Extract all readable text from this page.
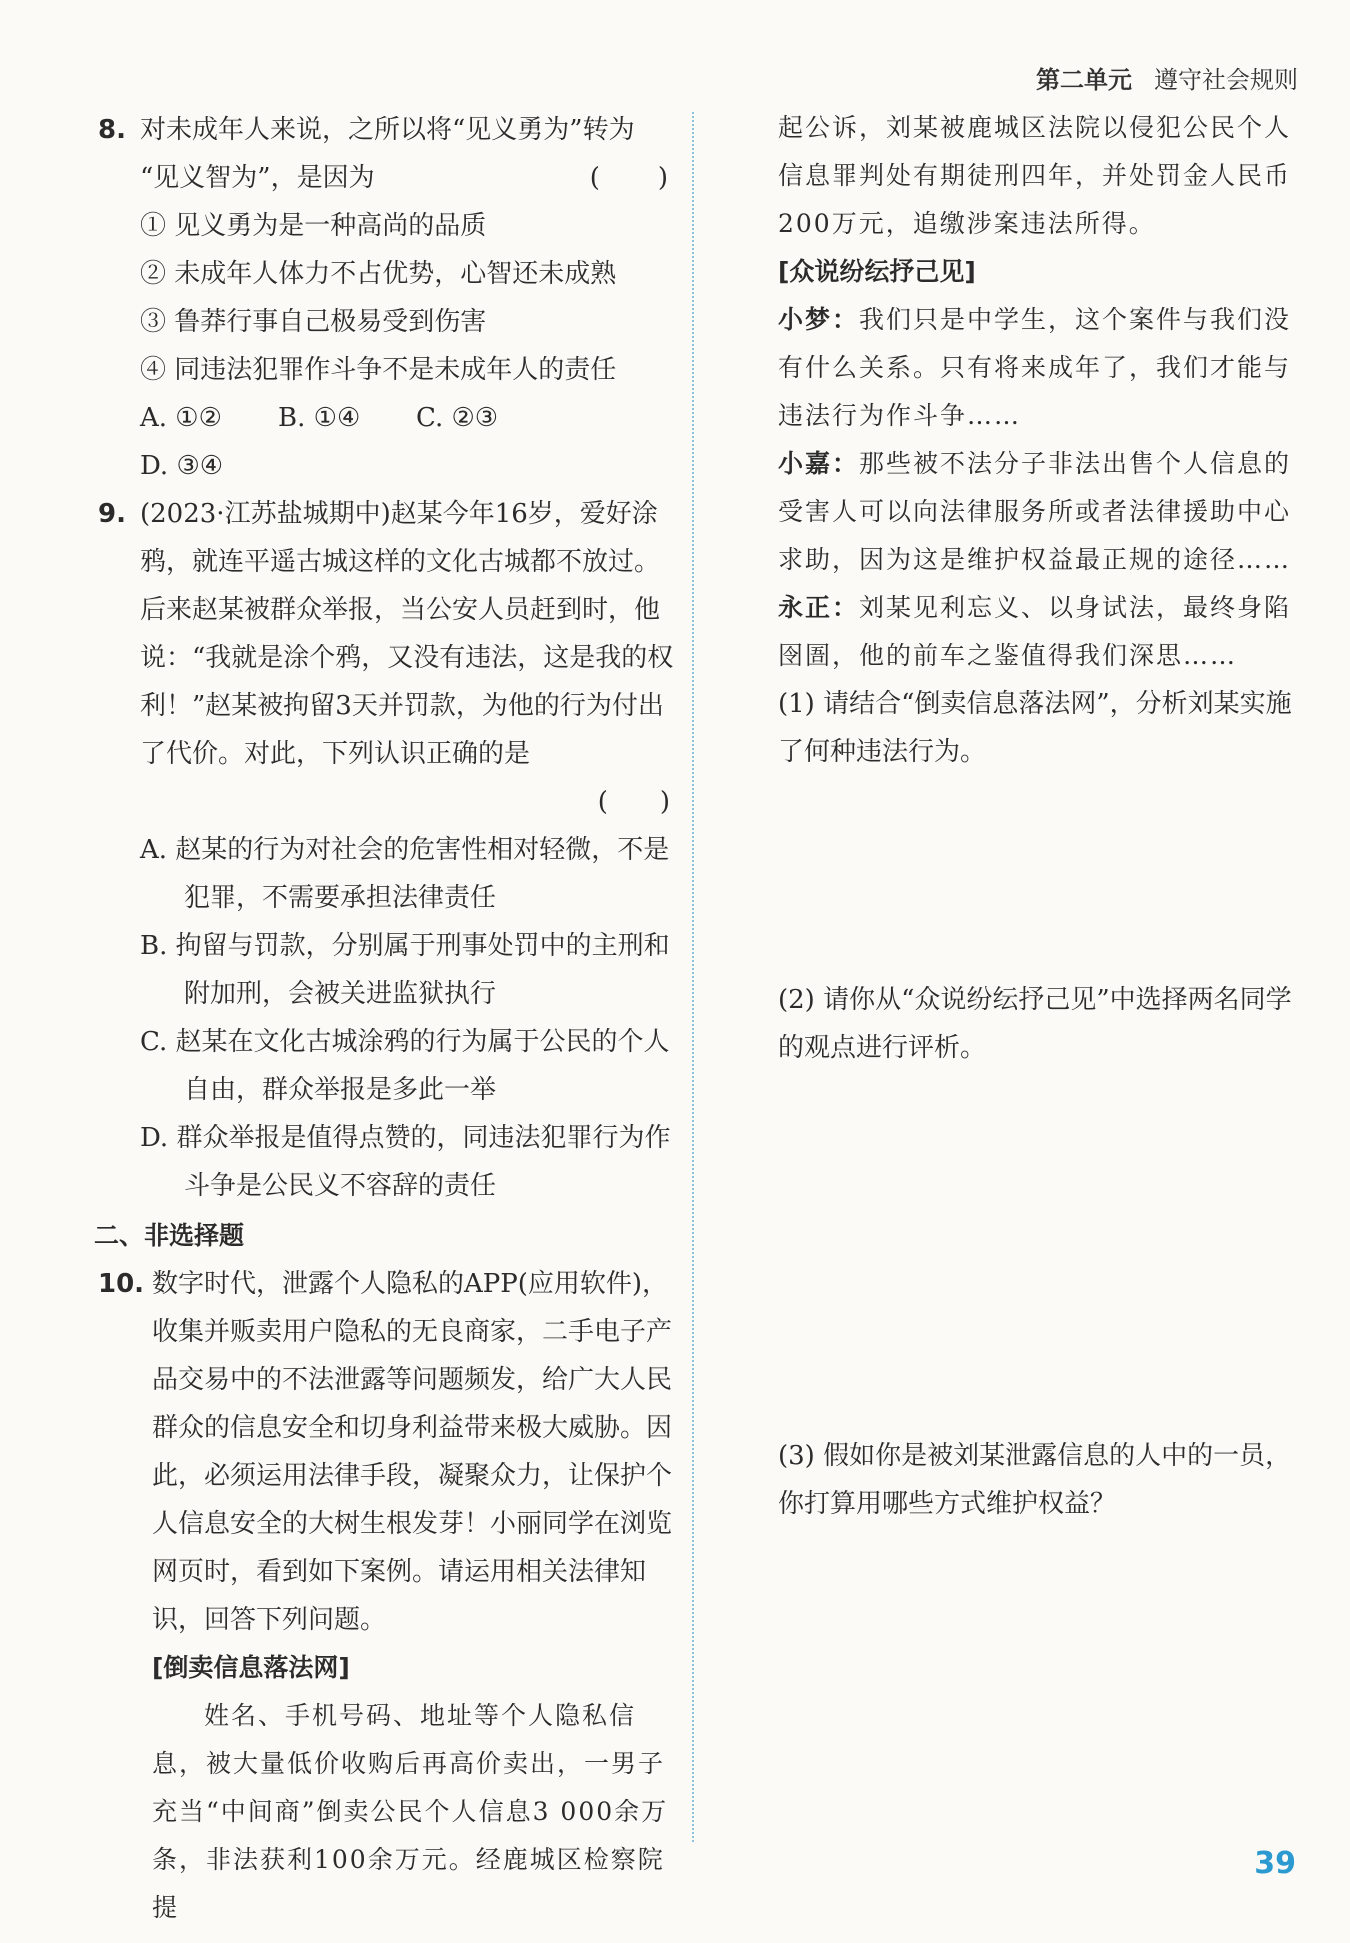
第二单元 遵守社会规则
8. 对未成年人来说，之所以将“见义勇为”转为
“见义智为”，是因为	(　　)
① 见义勇为是一种高尚的品质
② 未成年人体力不占优势，心智还未成熟
③ 鲁莽行事自己极易受到伤害
④ 同违法犯罪作斗争不是未成年人的责任
A. ①② B. ①④ C. ②③D. ③④
9. (2023·江苏盐城期中)赵某今年16岁，爱好涂鸦，就连平遥古城这样的文化古城都不放过。后来赵某被群众举报，当公安人员赶到时，他说：“我就是涂个鸦，又没有违法，这是我的权利！”赵某被拘留3天并罚款，为他的行为付出了代价。对此，下列认识正确的是
(　　)
A. 赵某的行为对社会的危害性相对轻微，不是犯罪，不需要承担法律责任
B. 拘留与罚款，分别属于刑事处罚中的主刑和附加刑，会被关进监狱执行
C. 赵某在文化古城涂鸦的行为属于公民的个人自由，群众举报是多此一举
D. 群众举报是值得点赞的，同违法犯罪行为作斗争是公民义不容辞的责任
二、非选择题
10. 数字时代，泄露个人隐私的APP(应用软件)，收集并贩卖用户隐私的无良商家，二手电子产品交易中的不法泄露等问题频发，给广大人民群众的信息安全和切身利益带来极大威胁。因此，必须运用法律手段，凝聚众力，让保护个人信息安全的大树生根发芽！小丽同学在浏览网页时，看到如下案例。请运用相关法律知识，回答下列问题。
[倒卖信息落法网]
姓名、手机号码、地址等个人隐私信息，被大量低价收购后再高价卖出，一男子充当“中间商”倒卖公民个人信息3 000余万条，非法获利100余万元。经鹿城区检察院提
起公诉，刘某被鹿城区法院以侵犯公民个人信息罪判处有期徒刑四年，并处罚金人民币200万元，追缴涉案违法所得。
[众说纷纭抒己见]
小梦：我们只是中学生，这个案件与我们没有什么关系。只有将来成年了，我们才能与违法行为作斗争……
小嘉：那些被不法分子非法出售个人信息的受害人可以向法律服务所或者法律援助中心求助，因为这是维护权益最正规的途径……
永正：刘某见利忘义、以身试法，最终身陷囹圄，他的前车之鉴值得我们深思……
(1) 请结合“倒卖信息落法网”，分析刘某实施了何种违法行为。
(2) 请你从“众说纷纭抒己见”中选择两名同学的观点进行评析。
(3) 假如你是被刘某泄露信息的人中的一员，你打算用哪些方式维护权益？
39
